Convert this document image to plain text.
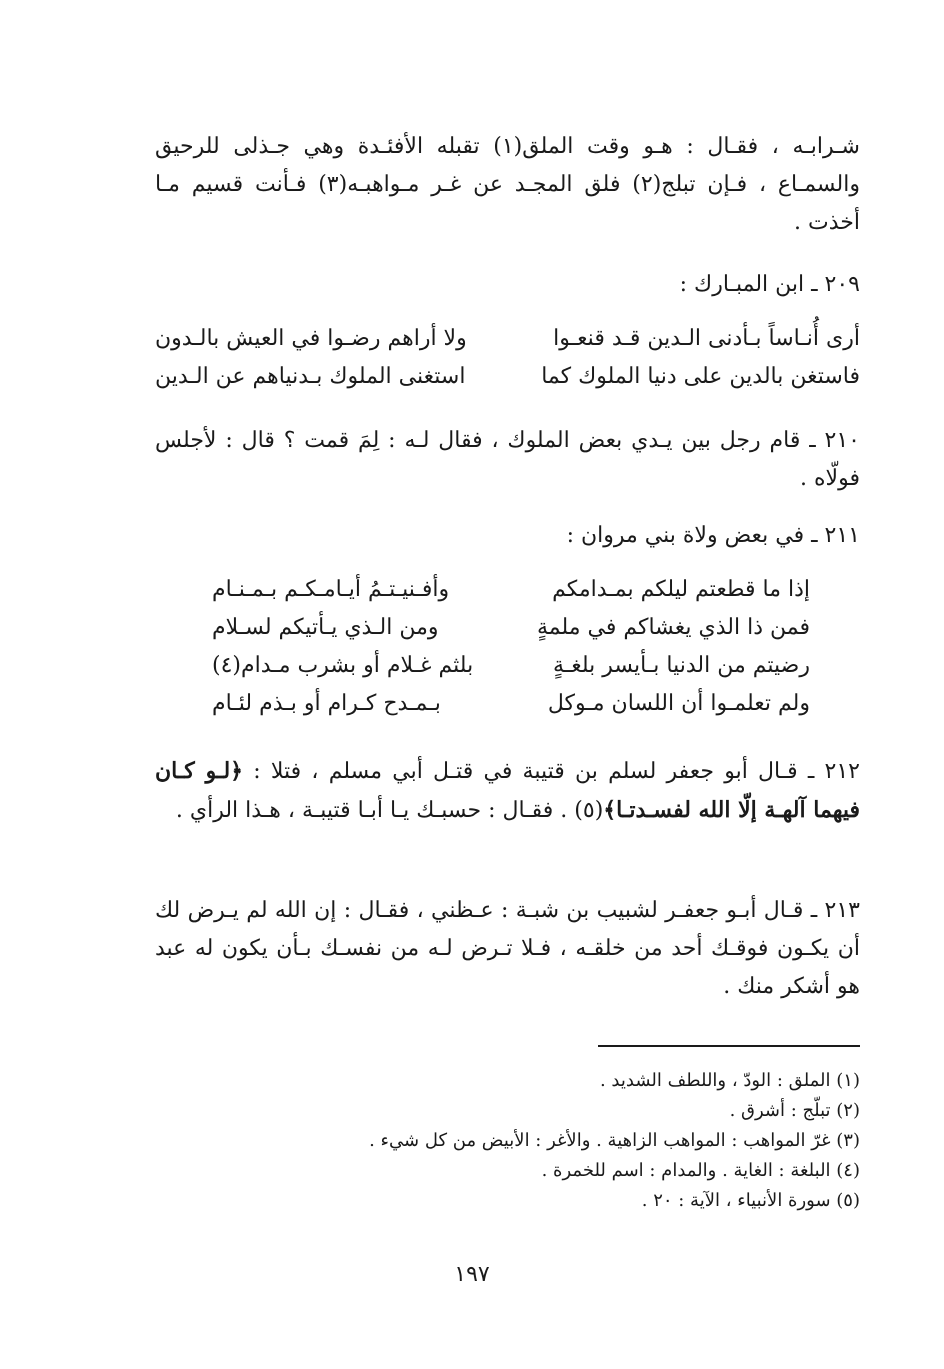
شـرابـه ، فقـال : هـو وقت الملق(١) تقبله الأفئـدة وهي جـذلى للرحيق والسمـاع ، فـإن تبلج(٢) فلق المجـد عن غـر مـواهبـه(٣) فـأنت قسيم مـا أخذت .
٢٠٩ ـ ابن المبـارك :
أرى أُنـاساً بـأدنى الـدين قـد قنعـوا
ولا أراهم رضـوا في العيش بالـدون
فاستغن بالدين على دنيا الملوك كما
استغنى الملوك بـدنياهم عن الـدين
٢١٠ ـ قام رجل بين يـدي بعض الملوك ، فقال لـه : لِمَ قمت ؟ قال : لأجلس فولّاه .
٢١١ ـ في بعض ولاة بني مروان :
إذا ما قطعتم ليلكم بمـدامكم
وأفـنيـتـمُ أيـامـكـم بـمـنـام
فمن ذا الذي يغشاكم في ملمةٍ
ومن الـذي يـأتيكم لسـلام
رضيتم من الدنيا بـأيسر بلغـةٍ
بلثم غـلام أو بشرب مـدام(٤)
ولم تعلمـوا أن اللسان مـوكل
بـمـدح كـرام أو بـذم لئـام
٢١٢ ـ قـال أبو جعفر لسلم بن قتيبة في قتـل أبي مسلم ، فتلا : ﴿لـو كـان فيهما آلهـة إلّا الله لفسـدتـا﴾(٥) . فقـال : حسبـك يـا أبـا قتيبـة ، هـذا الرأي .
٢١٣ ـ قـال أبـو جعفـر لشبيب بن شبـة : عـظني ، فقـال : إن الله لم يـرض لك أن يكـون فوقـك أحد من خلقـه ، فـلا تـرض لـه من نفسـك بـأن يكون له عبد هو أشكر منك .
(١) الملق : الودّ ، واللطف الشديد .
(٢) تبلّج : أشرق .
(٣) غرّ المواهب : المواهب الزاهية . والأغر : الأبيض من كل شيء .
(٤) البلغة : الغاية . والمدام : اسم للخمرة .
(٥) سورة الأنبياء ، الآية : ٢٠ .
١٩٧
